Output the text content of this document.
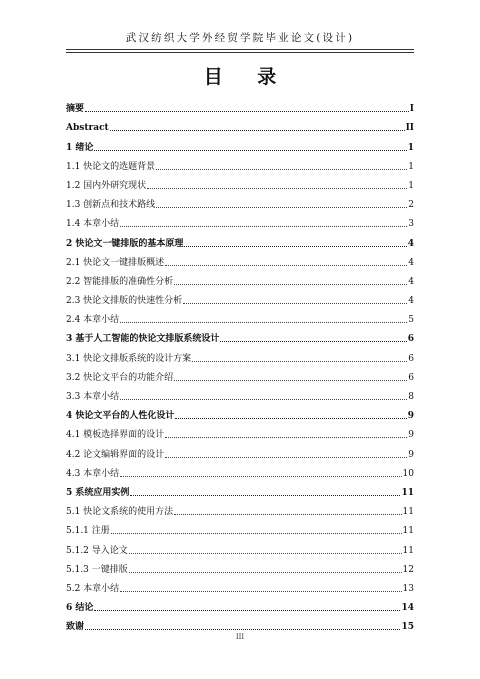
武汉纺织大学外经贸学院毕业论文(设计)
目 录
摘要	I
Abstract	II
1 绪论	1
1.1 快论文的选题背景	1
1.2 国内外研究现状	1
1.3 创新点和技术路线	2
1.4 本章小结	3
2 快论文一键排版的基本原理	4
2.1 快论文一键排版概述	4
2.2 智能排版的准确性分析	4
2.3 快论文排版的快速性分析	4
2.4 本章小结	5
3 基于人工智能的快论文排版系统设计	6
3.1 快论文排版系统的设计方案	6
3.2 快论文平台的功能介绍	6
3.3 本章小结	8
4 快论文平台的人性化设计	9
4.1 模板选择界面的设计	9
4.2 论文编辑界面的设计	9
4.3 本章小结	10
5 系统应用实例	11
5.1 快论文系统的使用方法	11
5.1.1 注册	11
5.1.2 导入论文	11
5.1.3 一键排版	12
5.2 本章小结	13
6 结论	14
致谢	15
III
